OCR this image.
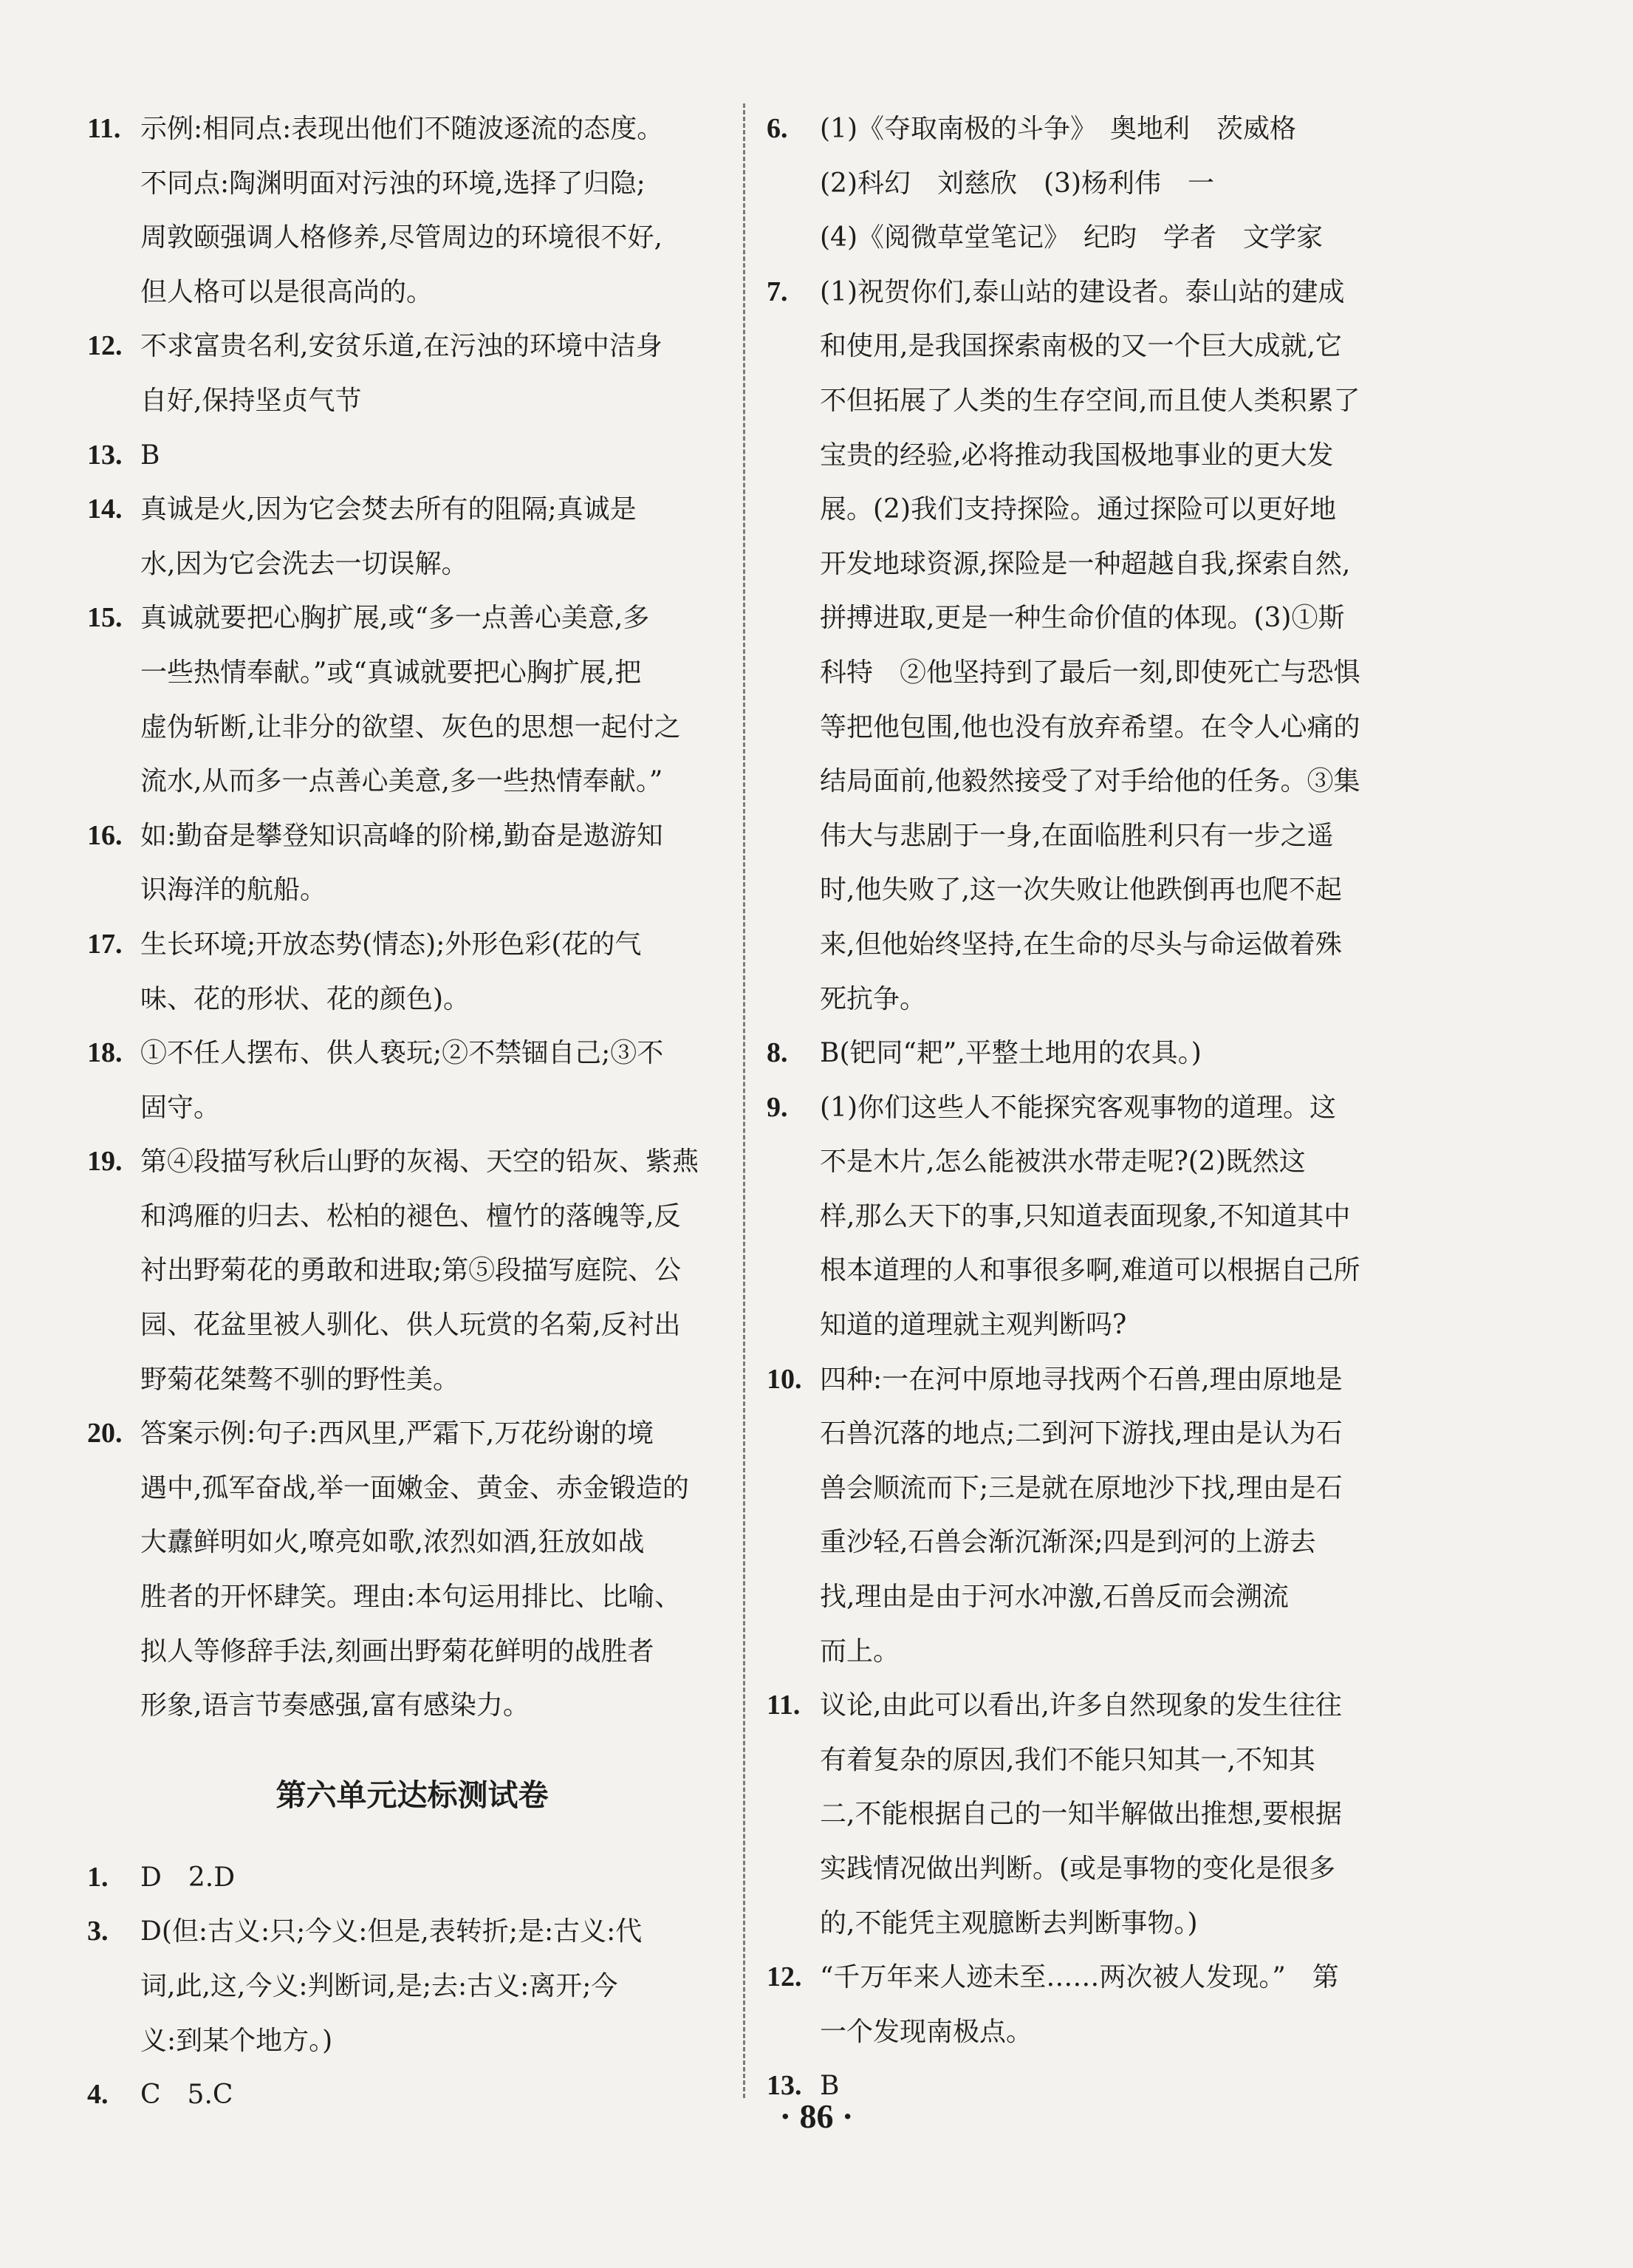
11. 示例:相同点:表现出他们不随波逐流的态度。
不同点:陶渊明面对污浊的环境,选择了归隐;
周敦颐强调人格修养,尽管周边的环境很不好,
但人格可以是很高尚的。
12. 不求富贵名利,安贫乐道,在污浊的环境中洁身
自好,保持坚贞气节
13. B
14. 真诚是火,因为它会焚去所有的阻隔;真诚是
水,因为它会洗去一切误解。
15. 真诚就要把心胸扩展,或“多一点善心美意,多
一些热情奉献。”或“真诚就要把心胸扩展,把
虚伪斩断,让非分的欲望、灰色的思想一起付之
流水,从而多一点善心美意,多一些热情奉献。”
16. 如:勤奋是攀登知识高峰的阶梯,勤奋是遨游知
识海洋的航船。
17. 生长环境;开放态势(情态);外形色彩(花的气
味、花的形状、花的颜色)。
18. ①不任人摆布、供人亵玩;②不禁锢自己;③不
固守。
19. 第④段描写秋后山野的灰褐、天空的铅灰、紫燕
和鸿雁的归去、松柏的褪色、檀竹的落魄等,反
衬出野菊花的勇敢和进取;第⑤段描写庭院、公
园、花盆里被人驯化、供人玩赏的名菊,反衬出
野菊花桀骜不驯的野性美。
20. 答案示例:句子:西风里,严霜下,万花纷谢的境
遇中,孤军奋战,举一面嫩金、黄金、赤金锻造的
大纛鲜明如火,嘹亮如歌,浓烈如酒,狂放如战
胜者的开怀肆笑。理由:本句运用排比、比喻、
拟人等修辞手法,刻画出野菊花鲜明的战胜者
形象,语言节奏感强,富有感染力。
第六单元达标测试卷
1. D　2.D
3. D(但:古义:只;今义:但是,表转折;是:古义:代
词,此,这,今义:判断词,是;去:古义:离开;今
义:到某个地方。)
4. C　5.C
6. (1)《夺取南极的斗争》　奥地利　茨威格
(2)科幻　刘慈欣　(3)杨利伟　一
(4)《阅微草堂笔记》　纪昀　学者　文学家
7. (1)祝贺你们,泰山站的建设者。泰山站的建成
和使用,是我国探索南极的又一个巨大成就,它
不但拓展了人类的生存空间,而且使人类积累了
宝贵的经验,必将推动我国极地事业的更大发
展。(2)我们支持探险。通过探险可以更好地
开发地球资源,探险是一种超越自我,探索自然,
拼搏进取,更是一种生命价值的体现。(3)①斯
科特　②他坚持到了最后一刻,即使死亡与恐惧
等把他包围,他也没有放弃希望。在令人心痛的
结局面前,他毅然接受了对手给他的任务。③集
伟大与悲剧于一身,在面临胜利只有一步之遥
时,他失败了,这一次失败让他跌倒再也爬不起
来,但他始终坚持,在生命的尽头与命运做着殊
死抗争。
8. B(钯同“耙”,平整土地用的农具。)
9. (1)你们这些人不能探究客观事物的道理。这
不是木片,怎么能被洪水带走呢?(2)既然这
样,那么天下的事,只知道表面现象,不知道其中
根本道理的人和事很多啊,难道可以根据自己所
知道的道理就主观判断吗?
10. 四种:一在河中原地寻找两个石兽,理由原地是
石兽沉落的地点;二到河下游找,理由是认为石
兽会顺流而下;三是就在原地沙下找,理由是石
重沙轻,石兽会渐沉渐深;四是到河的上游去
找,理由是由于河水冲激,石兽反而会溯流
而上。
11. 议论,由此可以看出,许多自然现象的发生往往
有着复杂的原因,我们不能只知其一,不知其
二,不能根据自己的一知半解做出推想,要根据
实践情况做出判断。(或是事物的变化是很多
的,不能凭主观臆断去判断事物。)
12. “千万年来人迹未至……两次被人发现。”　第
一个发现南极点。
13. B
· 86 ·
